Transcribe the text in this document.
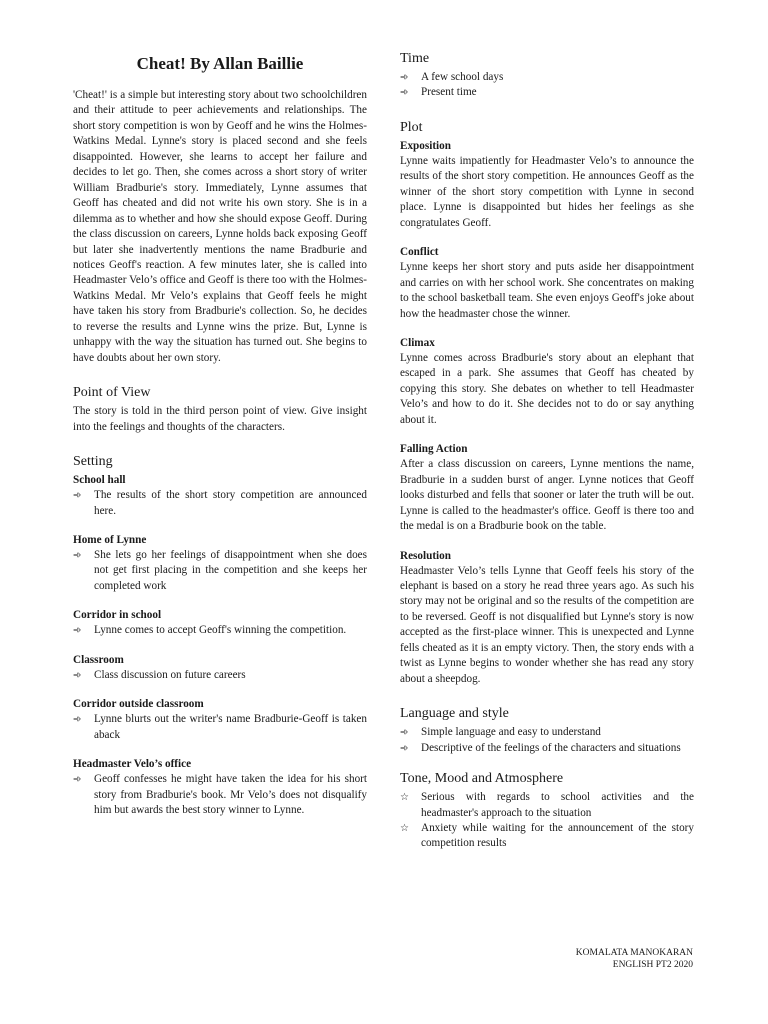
Cheat! By Allan Baillie

'Cheat!' is a simple but interesting story about two schoolchildren and their attitude to peer achievements and relationships. The short story competition is won by Geoff and he wins the Holmes-Watkins Medal. Lynne's story is placed second and she feels disappointed. However, she learns to accept her failure and decides to let go. Then, she comes across a short story of writer William Bradburie's story. Immediately, Lynne assumes that Geoff has cheated and did not write his own story. She is in a dilemma as to whether and how she should expose Geoff. During the class discussion on careers, Lynne holds back exposing Geoff but later she inadvertently mentions the name Bradburie and notices Geoff's reaction. A few minutes later, she is called into Headmaster Velo’s office and Geoff is there too with the Holmes-Watkins Medal. Mr Velo’s explains that Geoff feels he might have taken his story from Bradburie's collection. So, he decides to reverse the results and Lynne wins the prize. But, Lynne is unhappy with the way the situation has turned out. She begins to have doubts about her own story.

Point of View

The story is told in the third person point of view. Give insight into the feelings and thoughts of the characters.

Setting
School hall
➾	The results of the short story competition are announced here.
Home of Lynne
➾	She lets go her feelings of disappointment when she does not get first placing in the competition and she keeps her completed work
Corridor in school
➾	Lynne comes to accept Geoff's winning the competition.
Classroom
➾	Class discussion on future careers
Corridor outside classroom
➾	Lynne blurts out the writer's name Bradburie-Geoff is taken aback
Headmaster Velo’s office
➾	Geoff confesses he might have taken the idea for his short story from Bradburie's book. Mr Velo’s does not disqualify him but awards the best story winner to Lynne.
Time
➾	A few school days
➾	Present time
Plot
Exposition

Lynne waits impatiently for Headmaster Velo’s to announce the results of the short story competition. He announces Geoff as the winner of the short story competition with Lynne in second place. Lynne is disappointed but hides her feelings as she congratulates Geoff.

Conflict

Lynne keeps her short story and puts aside her disappointment and carries on with her school work. She concentrates on making to the school basketball team. She even enjoys Geoff's joke about how the headmaster chose the winner.

Climax

Lynne comes across Bradburie's story about an elephant that escaped in a park. She assumes that Geoff has cheated by copying this story. She debates on whether to tell Headmaster Velo’s and how to do it. She decides not to do or say anything about it.

Falling Action

After a class discussion on careers, Lynne mentions the name, Bradburie in a sudden burst of anger. Lynne notices that Geoff looks disturbed and fells that sooner or later the truth will be out. Lynne is called to the headmaster's office. Geoff is there too and the medal is on a Bradburie book on the table.

Resolution

Headmaster Velo’s tells Lynne that Geoff feels his story of the elephant is based on a story he read three years ago. As such his story may not be original and so the results of the competition are to be reversed. Geoff is not disqualified but Lynne's story is now accepted as the first-place winner. This is unexpected and Lynne fells cheated as it is an empty victory. Then, the story ends with a twist as Lynne begins to wonder whether she has read any story about a sheepdog.

Language and style
➾	Simple language and easy to understand
➾	Descriptive of the feelings of the characters and situations
Tone, Mood and Atmosphere
☆	Serious with regards to school activities and the headmaster's approach to the situation
☆	Anxiety while waiting for the announcement of the story competition results
KOMALATA MANOKARAN
ENGLISH PT2 2020
